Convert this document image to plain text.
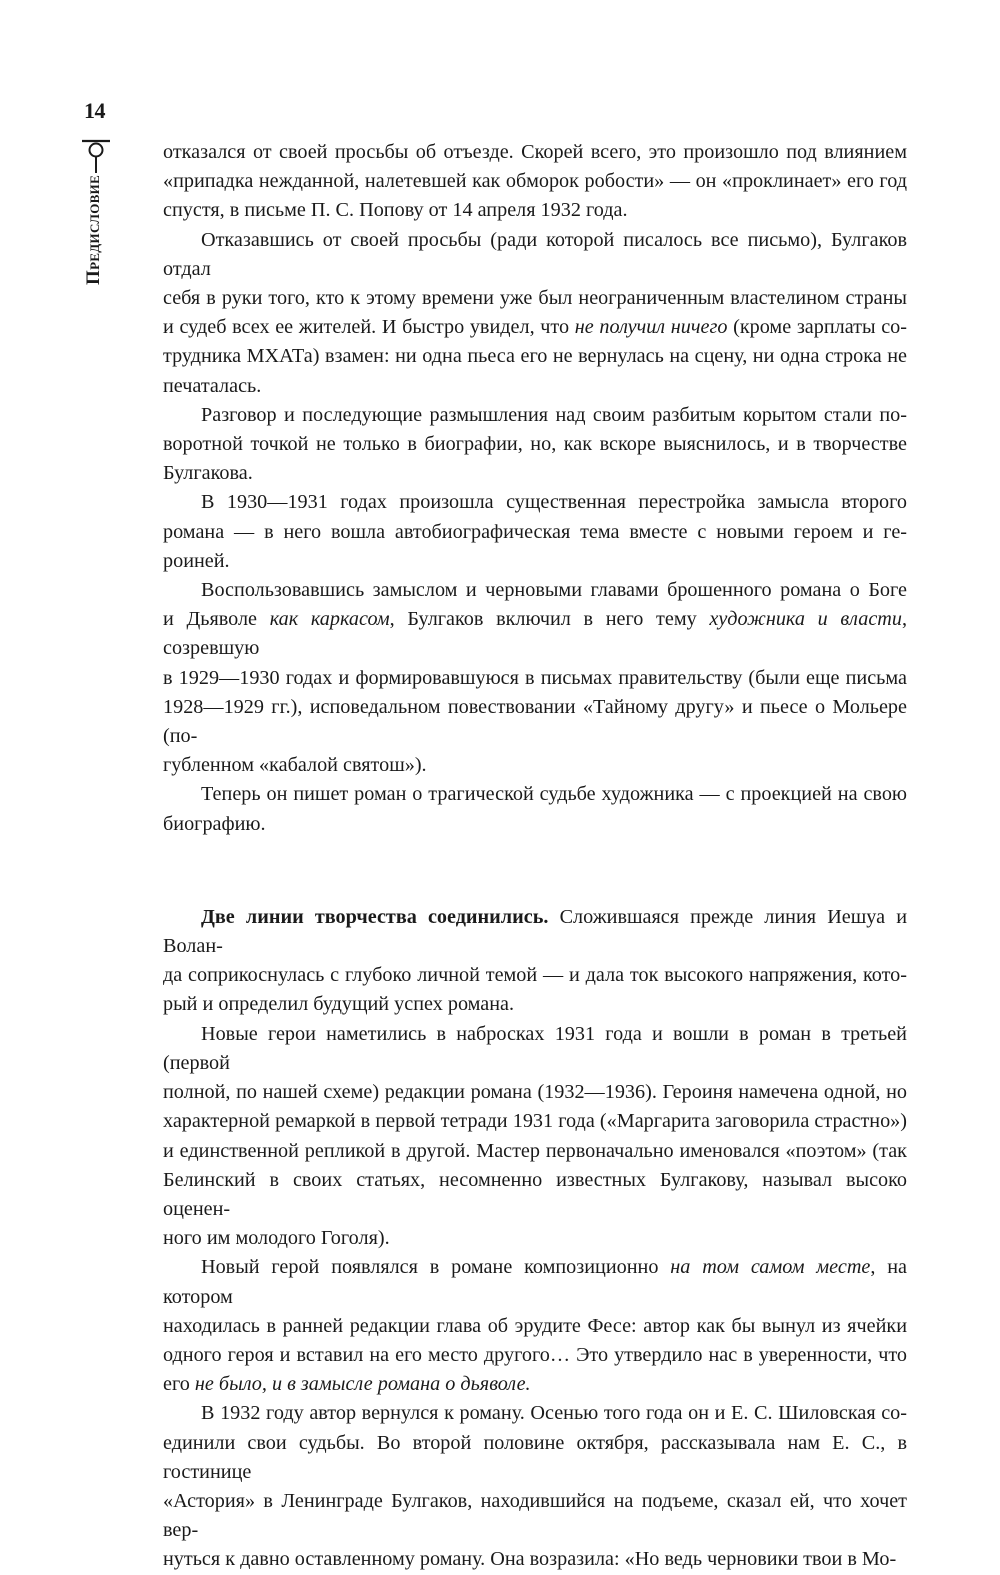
14
Предисловие

отказался от своей просьбы об отъезде. Скорей всего, это произошло под влиянием
«припадка нежданной, налетевшей как обморок робости» — он «проклинает» его год
спустя, в письме П. С. Попову от 14 апреля 1932 года.

Отказавшись от своей просьбы (ради которой писалось все письмо), Булгаков отдал
себя в руки того, кто к этому времени уже был неограниченным властелином страны
и судеб всех ее жителей. И быстро увидел, что не получил ничего (кроме зарплаты со-
трудника МХАТа) взамен: ни одна пьеса его не вернулась на сцену, ни одна строка не
печаталась.

Разговор и последующие размышления над своим разбитым корытом стали по-
воротной точкой не только в биографии, но, как вскоре выяснилось, и в творчестве
Булгакова.

В 1930—1931 годах произошла существенная перестройка замысла второго
романа — в него вошла автобиографическая тема вместе с новыми героем и ге-
роиней.

Воспользовавшись замыслом и черновыми главами брошенного романа о Боге
и Дьяволе как каркасом, Булгаков включил в него тему художника и власти, созревшую
в 1929—1930 годах и формировавшуюся в письмах правительству (были еще письма
1928—1929 гг.), исповедальном повествовании «Тайному другу» и пьесе о Мольере (по-
губленном «кабалой святош»).

Теперь он пишет роман о трагической судьбе художника — с проекцией на свою
биографию.

Две линии творчества соединились. Сложившаяся прежде линия Иешуа и Волан-
да соприкоснулась с глубоко личной темой — и дала ток высокого напряжения, кото-
рый и определил будущий успех романа.

Новые герои наметились в набросках 1931 года и вошли в роман в третьей (первой
полной, по нашей схеме) редакции романа (1932—1936). Героиня намечена одной, но
характерной ремаркой в первой тетради 1931 года («Маргарита заговорила страстно»)
и единственной репликой в другой. Мастер первоначально именовался «поэтом» (так
Белинский в своих статьях, несомненно известных Булгакову, называл высоко оценен-
ного им молодого Гоголя).

Новый герой появлялся в романе композиционно на том самом месте, на котором
находилась в ранней редакции глава об эрудите Фесе: автор как бы вынул из ячейки
одного героя и вставил на его место другого… Это утвердило нас в уверенности, что
его не было, и в замысле романа о дьяволе.

В 1932 году автор вернулся к роману. Осенью того года он и Е. С. Шиловская со-
единили свои судьбы. Во второй половине октября, рассказывала нам Е. С., в гостинице
«Астория» в Ленинграде Булгаков, находившийся на подъеме, сказал ей, что хочет вер-
нуться к давно оставленному роману. Она возразила: «Но ведь черновики твои в Мо-
